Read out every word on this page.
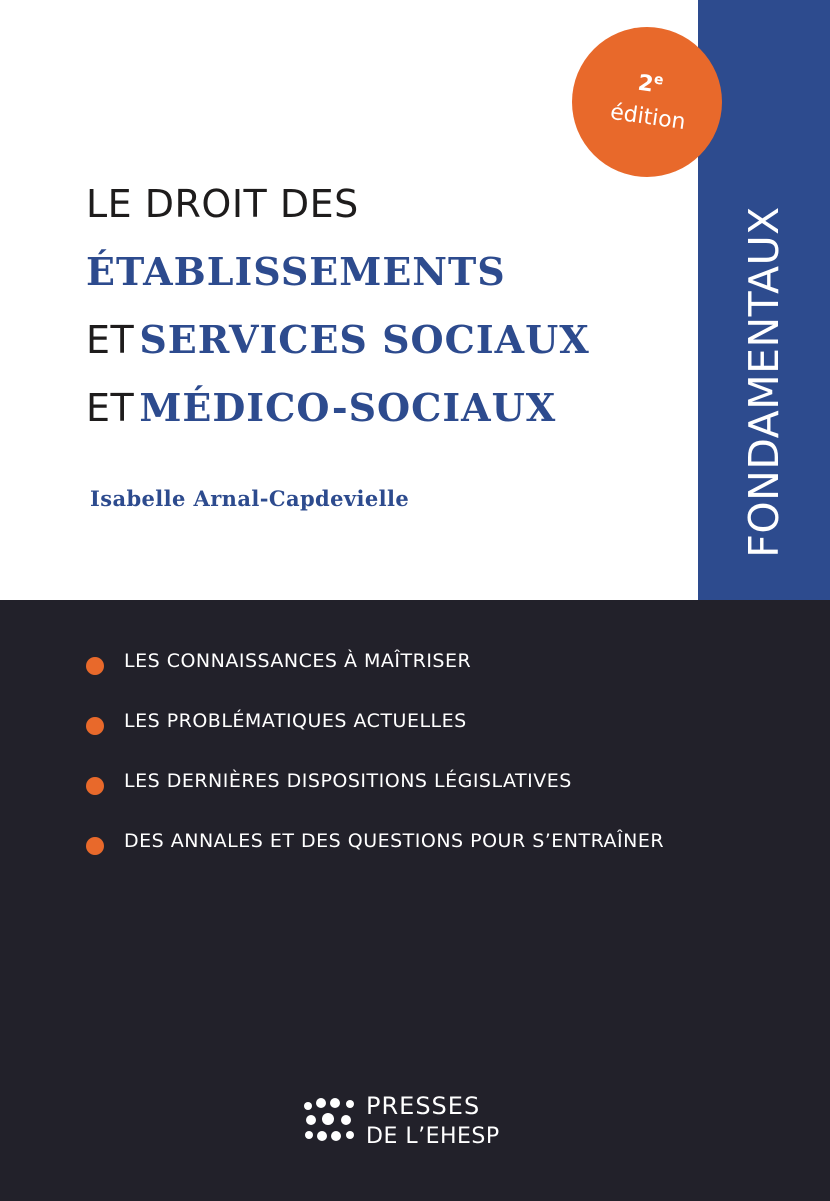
FONDAMENTAUX
2e
édition
LE DROIT DES
ÉTABLISSEMENTS
ET SERVICES SOCIAUX
ET MÉDICO-SOCIAUX
Isabelle Arnal-Capdevielle
LES CONNAISSANCES À MAÎTRISER
LES PROBLÉMATIQUES ACTUELLES
LES DERNIÈRES DISPOSITIONS LÉGISLATIVES
DES ANNALES ET DES QUESTIONS POUR S’ENTRAÎNER
PRESSES
DE L’EHESP
